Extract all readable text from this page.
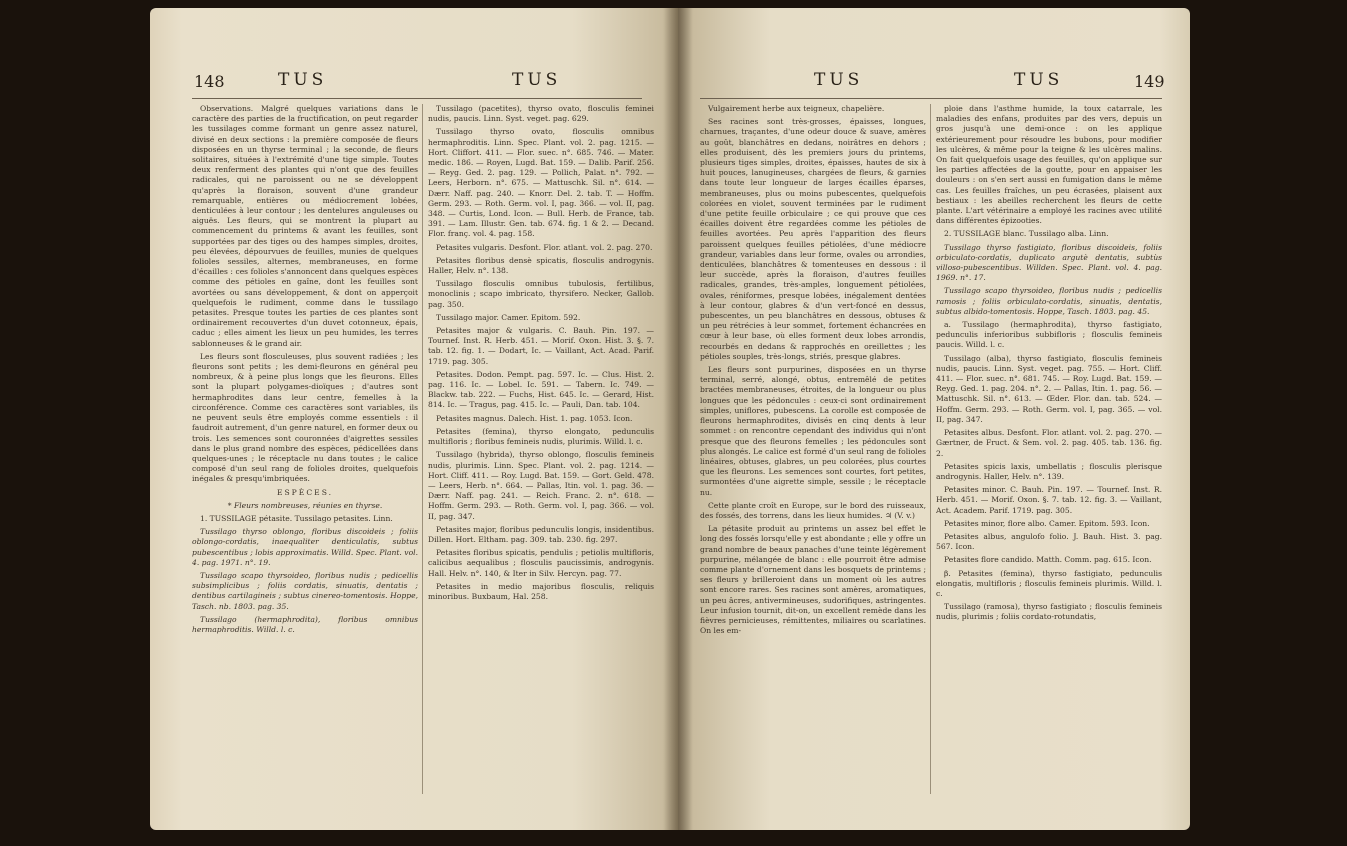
148	TUS	TUS

Observations. Malgré quelques variations dans le caractère des parties de la fructification, on peut regarder les tussilages comme formant un genre assez naturel, divisé en deux sections : la première composée de fleurs disposées en un thyrse terminal ; la seconde, de fleurs solitaires, situées à l'extrémité d'une tige simple. Toutes deux renferment des plantes qui n'ont que des feuilles radicales, qui ne paroissent ou ne se développent qu'après la floraison, souvent d'une grandeur remarquable, entières ou médiocrement lobées, denticulées à leur contour ; les dentelures anguleuses ou aiguës. Les fleurs, qui se montrent la plupart au commencement du printems & avant les feuilles, sont supportées par des tiges ou des hampes simples, droites, peu élevées, dépourvues de feuilles, munies de quelques folioles sessiles, alternes, membraneuses, en forme d'écailles : ces folioles s'annoncent dans quelques espèces comme des pétioles en gaîne, dont les feuilles sont avortées ou sans développement, & dont on apperçoit quelquefois le rudiment, comme dans le tussilago petasites. Presque toutes les parties de ces plantes sont ordinairement recouvertes d'un duvet cotonneux, épais, caduc ; elles aiment les lieux un peu humides, les terres sablonneuses & le grand air.

Les fleurs sont flosculeuses, plus souvent radiées ; les fleurons sont petits ; les demi-fleurons en général peu nombreux, & à peine plus longs que les fleurons. Elles sont la plupart polygames-dioïques ; d'autres sont hermaphrodites dans leur centre, femelles à la circonférence. Comme ces caractères sont variables, ils ne peuvent seuls être employés comme essentiels : il faudroit autrement, d'un genre naturel, en former deux ou trois. Les semences sont couronnées d'aigrettes sessiles dans le plus grand nombre des espèces, pédicellées dans quelques-unes ; le réceptacle nu dans toutes ; le calice composé d'un seul rang de folioles droites, quelquefois inégales & presqu'imbriquées.

ESPÈCES.

* Fleurs nombreuses, réunies en thyrse.

1. TUSSILAGE pétasite. Tussilago petasites. Linn.

Tussilago thyrso oblongo, floribus discoideis ; foliis oblongo-cordatis, inaequaliter denticulatis, subtus pubescentibus ; lobis approximatis. Willd. Spec. Plant. vol. 4. pag. 1971. n°. 19.

Tussilago scapo thyrsoideo, floribus nudis ; pedicellis subsimplicibus ; foliis cordatis, sinuatis, dentatis ; dentibus cartilagineis ; subtus cinereo-tomentosis. Hoppe, Tasch. nb. 1803. pag. 35.

Tussilago (hermaphrodita), floribus omnibus hermaphroditis. Willd. l. c.

Tussilago (pacetites), thyrso ovato, flosculis feminei nudis, paucis. Linn. Syst. veget. pag. 629.

Tussilago thyrso ovato, flosculis omnibus hermaphroditis. Linn. Spec. Plant. vol. 2. pag. 1215. — Hort. Cliffort. 411. — Flor. suec. n°. 685. 746. — Mater. medic. 186. — Royen, Lugd. Bat. 159. — Dalib. Parif. 256. — Reyg. Ged. 2. pag. 129. — Pollich, Palat. n°. 792. — Leers, Herborn. n°. 675. — Mattuschk. Sil. n°. 614. — Dærr. Naff. pag. 240. — Knorr. Del. 2. tab. T. — Hoffm. Germ. 293. — Roth. Germ. vol. I, pag. 366. — vol. II, pag. 348. — Curtis, Lond. Icon. — Bull. Herb. de France, tab. 391. — Lam. Illustr. Gen. tab. 674. fig. 1 & 2. — Decand. Flor. franç. vol. 4. pag. 158.

Petasites vulgaris. Desfont. Flor. atlant. vol. 2. pag. 270.

Petasites floribus densè spicatis, flosculis androgynis. Haller, Helv. n°. 138.

Tussilago flosculis omnibus tubulosis, fertilibus, monoclinis ; scapo imbricato, thyrsifero. Necker, Gallob. pag. 350.

Tussilago major. Camer. Epitom. 592.

Petasites major & vulgaris. C. Bauh. Pin. 197. — Tournef. Inst. R. Herb. 451. — Morif. Oxon. Hist. 3. §. 7. tab. 12. fig. 1. — Dodart, Ic. — Vaillant, Act. Acad. Parif. 1719. pag. 305.

Petasites. Dodon. Pempt. pag. 597. Ic. — Clus. Hist. 2. pag. 116. Ic. — Lobel. Ic. 591. — Tabern. Ic. 749. — Blackw. tab. 222. — Fuchs, Hist. 645. Ic. — Gerard, Hist. 814. Ic. — Tragus, pag. 415. Ic. — Pauli, Dan. tab. 104.

Petasites magnus. Dalech. Hist. 1. pag. 1053. Icon.

Petasites (femina), thyrso elongato, pedunculis multifloris ; floribus femineis nudis, plurimis. Willd. l. c.

Tussilago (hybrida), thyrso oblongo, flosculis femineis nudis, plurimis. Linn. Spec. Plant. vol. 2. pag. 1214. — Hort. Cliff. 411. — Roy. Lugd. Bat. 159. — Gort. Geld. 478. — Leers, Herb. n°. 664. — Pallas, Itin. vol. 1. pag. 36. — Dærr. Naff. pag. 241. — Reich. Franc. 2. n°. 618. — Hoffm. Germ. 293. — Roth. Germ. vol. I, pag. 366. — vol. II, pag. 347.

Petasites major, floribus pedunculis longis, insidentibus. Dillen. Hort. Eltham. pag. 309. tab. 230. fig. 297.

Petasites floribus spicatis, pendulis ; petiolis multifloris, calicibus aequalibus ; flosculis paucissimis, androgynis. Hall. Helv. n°. 140, & Iter in Silv. Hercyn. pag. 77.

Petasites in medio majoribus flosculis, reliquis minoribus. Buxbaum, Hal. 258.

TUS	TUS	149

Vulgairement herbe aux teigneux, chapelière.

Ses racines sont très-grosses, épaisses, longues, charnues, traçantes, d'une odeur douce & suave, amères au goût, blanchâtres en dedans, noirâtres en dehors ; elles produisent, dès les premiers jours du printems, plusieurs tiges simples, droites, épaisses, hautes de six à huit pouces, lanugineuses, chargées de fleurs, & garnies dans toute leur longueur de larges écailles éparses, membraneuses, plus ou moins pubescentes, quelquefois colorées en violet, souvent terminées par le rudiment d'une petite feuille orbiculaire ; ce qui prouve que ces écailles doivent être regardées comme les pétioles de feuilles avortées. Peu après l'apparition des fleurs paroissent quelques feuilles pétiolées, d'une médiocre grandeur, variables dans leur forme, ovales ou arrondies, denticulées, blanchâtres & tomenteuses en dessous : il leur succède, après la floraison, d'autres feuilles radicales, grandes, très-amples, longuement pétiolées, ovales, réniformes, presque lobées, inégalement dentées à leur contour, glabres & d'un vert-foncé en dessus, pubescentes, un peu blanchâtres en dessous, obtuses & un peu rétrécies à leur sommet, fortement échancrées en cœur à leur base, où elles forment deux lobes arrondis, recourbés en dedans & rapprochés en oreillettes ; les pétioles souples, très-longs, striés, presque glabres.

Les fleurs sont purpurines, disposées en un thyrse terminal, serré, alongé, obtus, entremêlé de petites bractées membraneuses, étroites, de la longueur ou plus longues que les pédoncules : ceux-ci sont ordinairement simples, uniflores, pubescens. La corolle est composée de fleurons hermaphrodites, divisés en cinq dents à leur sommet : on rencontre cependant des individus qui n'ont presque que des fleurons femelles ; les pédoncules sont plus alongés. Le calice est formé d'un seul rang de folioles linéaires, obtuses, glabres, un peu colorées, plus courtes que les fleurons. Les semences sont courtes, fort petites, surmontées d'une aigrette simple, sessile ; le réceptacle nu.

Cette plante croît en Europe, sur le bord des ruisseaux, des fossés, des torrens, dans les lieux humides. ♃ (V. v.)

La pétasite produit au printems un assez bel effet le long des fossés lorsqu'elle y est abondante ; elle y offre un grand nombre de beaux panaches d'une teinte légèrement purpurine, mélangée de blanc : elle pourroit être admise comme plante d'ornement dans les bosquets de printems ; ses fleurs y brilleroient dans un moment où les autres sont encore rares. Ses racines sont amères, aromatiques, un peu âcres, antivermineuses, sudorifiques, astringentes. Leur infusion tournit, dit-on, un excellent remède dans les fièvres pernicieuses, rémittentes, miliaires ou scarlatines. On les em-

ploie dans l'asthme humide, la toux catarrale, les maladies des enfans, produites par des vers, depuis un gros jusqu'à une demi-once : on les applique extérieurement pour résoudre les bubons, pour modifier les ulcères, & même pour la teigne & les ulcères malins. On fait quelquefois usage des feuilles, qu'on applique sur les parties affectées de la goutte, pour en appaiser les douleurs : on s'en sert aussi en fumigation dans le même cas. Les feuilles fraîches, un peu écrasées, plaisent aux bestiaux : les abeilles recherchent les fleurs de cette plante. L'art vétérinaire a employé les racines avec utilité dans différentes épizooties.

2. TUSSILAGE blanc. Tussilago alba. Linn.

Tussilago thyrso fastigiato, floribus discoideis, foliis orbiculato-cordatis, duplicato argutè dentatis, subtùs villoso-pubescentibus. Willden. Spec. Plant. vol. 4. pag. 1969. n°. 17.

Tussilago scapo thyrsoideo, floribus nudis ; pedicellis ramosis ; foliis orbiculato-cordatis, sinuatis, dentatis, subtus albido-tomentosis. Hoppe, Tasch. 1803. pag. 45.

a. Tussilago (hermaphrodita), thyrso fastigiato, pedunculis inferioribus subbifloris ; flosculis femineis paucis. Willd. l. c.

Tussilago (alba), thyrso fastigiato, flosculis femineis nudis, paucis. Linn. Syst. veget. pag. 755. — Hort. Cliff. 411. — Flor. suec. n°. 681. 745. — Roy. Lugd. Bat. 159. — Reyg. Ged. 1. pag. 204. n°. 2. — Pallas, Itin. 1. pag. 56. — Mattuschk. Sil. n°. 613. — Œder. Flor. dan. tab. 524. — Hoffm. Germ. 293. — Roth. Germ. vol. I, pag. 365. — vol. II, pag. 347.

Petasites albus. Desfont. Flor. atlant. vol. 2. pag. 270. — Gærtner, de Fruct. & Sem. vol. 2. pag. 405. tab. 136. fig. 2.

Petasites spicis laxis, umbellatis ; flosculis plerisque androgynis. Haller, Helv. n°. 139.

Petasites minor. C. Bauh. Pin. 197. — Tournef. Inst. R. Herb. 451. — Morif. Oxon. §. 7. tab. 12. fig. 3. — Vaillant, Act. Academ. Parif. 1719. pag. 305.

Petasites minor, flore albo. Camer. Epitom. 593. Icon.

Petasites albus, angulofo folio. J. Bauh. Hist. 3. pag. 567. Icon.

Petasites flore candido. Matth. Comm. pag. 615. Icon.

β. Petasites (femina), thyrso fastigiato, pedunculis elongatis, multifloris ; flosculis femineis plurimis. Willd. l. c.

Tussilago (ramosa), thyrso fastigiato ; flosculis femineis nudis, plurimis ; foliis cordato-rotundatis,
